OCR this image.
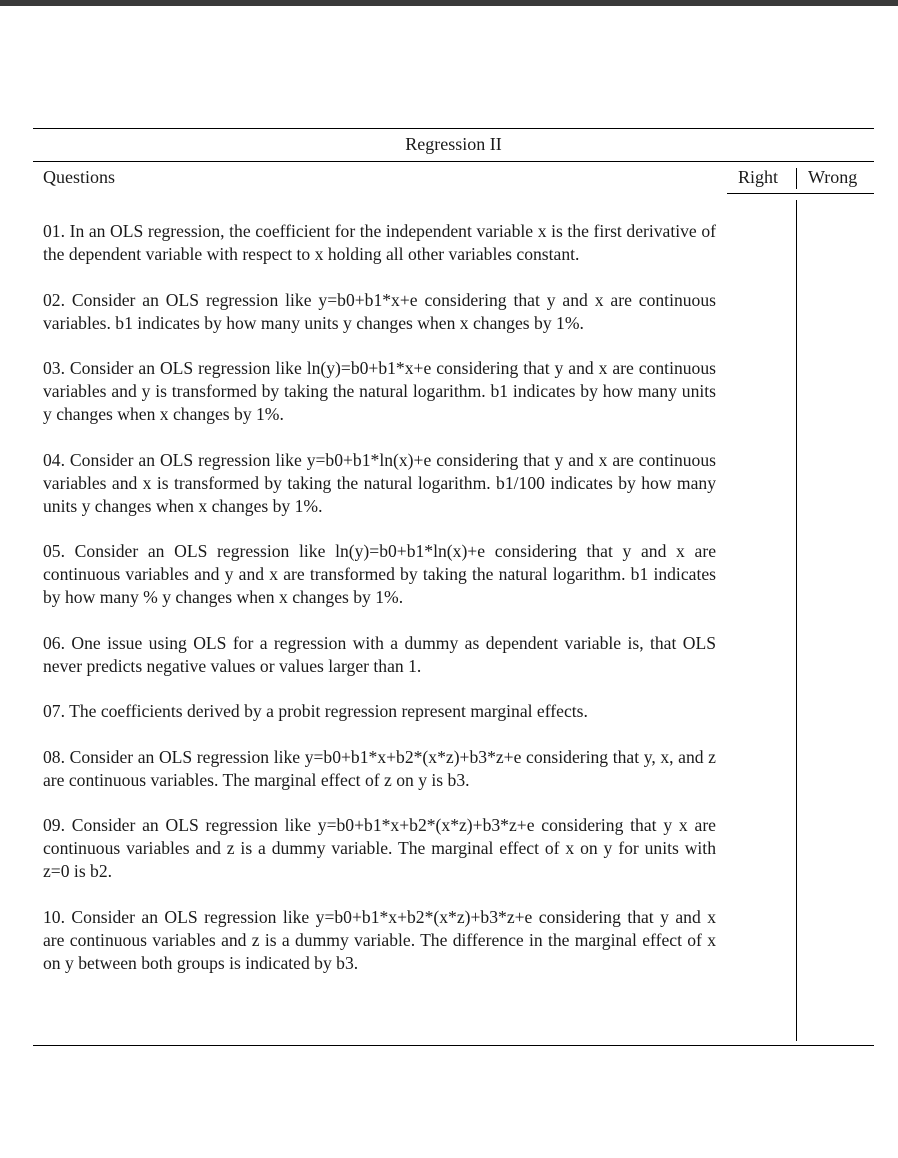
Regression II
Questions	Right Wrong

01. In an OLS regression, the coefficient for the independent variable x is the first derivative of the dependent variable with respect to x holding all other variables constant.

02. Consider an OLS regression like y=b0+b1*x+e considering that y and x are continuous variables. b1 indicates by how many units y changes when x changes by 1%.

03. Consider an OLS regression like ln(y)=b0+b1*x+e considering that y and x are continuous variables and y is transformed by taking the natural logarithm. b1 indicates by how many units y changes when x changes by 1%.

04. Consider an OLS regression like y=b0+b1*ln(x)+e considering that y and x are continuous variables and x is transformed by taking the natural logarithm. b1/100 indicates by how many units y changes when x changes by 1%.

05. Consider an OLS regression like ln(y)=b0+b1*ln(x)+e considering that y and x are continuous variables and y and x are transformed by taking the natural logarithm. b1 indicates by how many % y changes when x changes by 1%.

06. One issue using OLS for a regression with a dummy as dependent variable is, that OLS never predicts negative values or values larger than 1.

07. The coefficients derived by a probit regression represent marginal effects.

08. Consider an OLS regression like y=b0+b1*x+b2*(x*z)+b3*z+e considering that y, x, and z are continuous variables. The marginal effect of z on y is b3.

09. Consider an OLS regression like y=b0+b1*x+b2*(x*z)+b3*z+e considering that y x are continuous variables and z is a dummy variable. The marginal effect of x on y for units with z=0 is b2.

10. Consider an OLS regression like y=b0+b1*x+b2*(x*z)+b3*z+e considering that y and x are continuous variables and z is a dummy variable. The difference in the marginal effect of x on y between both groups is indicated by b3.
